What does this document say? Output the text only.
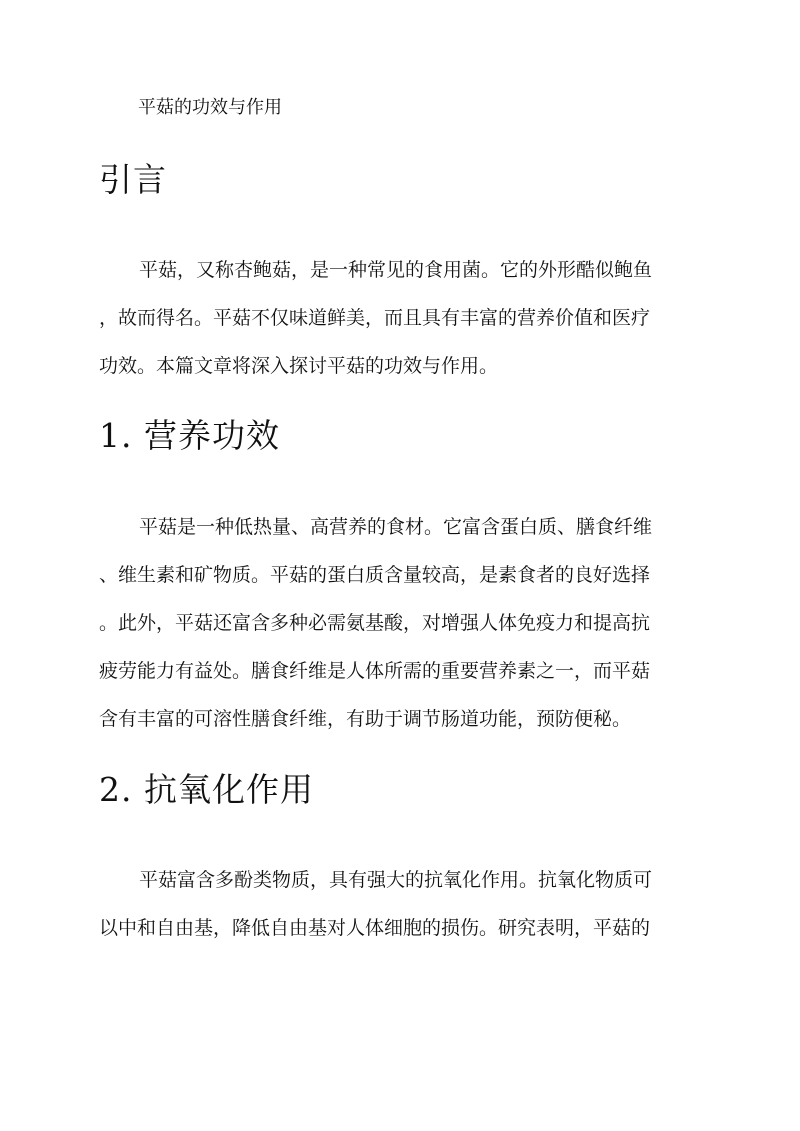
平菇的功效与作用
引言
平菇，又称杏鲍菇，是一种常见的食用菌。它的外形酷似鲍鱼
，故而得名。平菇不仅味道鲜美，而且具有丰富的营养价值和医疗
功效。本篇文章将深入探讨平菇的功效与作用。
1. 营养功效
平菇是一种低热量、高营养的食材。它富含蛋白质、膳食纤维
、维生素和矿物质。平菇的蛋白质含量较高，是素食者的良好选择
。此外，平菇还富含多种必需氨基酸，对增强人体免疫力和提高抗
疲劳能力有益处。膳食纤维是人体所需的重要营养素之一，而平菇
含有丰富的可溶性膳食纤维，有助于调节肠道功能，预防便秘。
2. 抗氧化作用
平菇富含多酚类物质，具有强大的抗氧化作用。抗氧化物质可
以中和自由基，降低自由基对人体细胞的损伤。研究表明，平菇的
